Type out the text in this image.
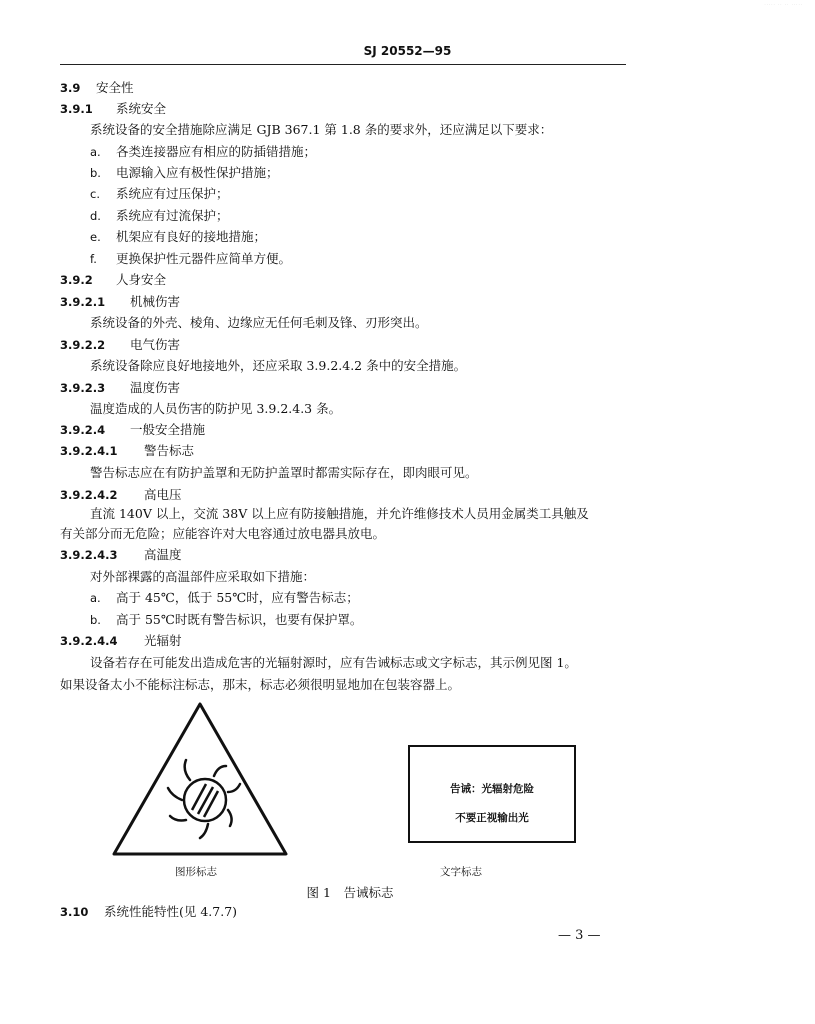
····· ·· ·· ·····
SJ 20552—95
3.9 安全性
3.9.1 系统安全
系统设备的安全措施除应满足 GJB 367.1 第 1.8 条的要求外，还应满足以下要求：
a. 各类连接器应有相应的防插错措施；
b. 电源输入应有极性保护措施；
c. 系统应有过压保护；
d. 系统应有过流保护；
e. 机架应有良好的接地措施；
f. 更换保护性元器件应简单方便。
3.9.2 人身安全
3.9.2.1 机械伤害
系统设备的外壳、棱角、边缘应无任何毛刺及锋、刃形突出。
3.9.2.2 电气伤害
系统设备除应良好地接地外，还应采取 3.9.2.4.2 条中的安全措施。
3.9.2.3 温度伤害
温度造成的人员伤害的防护见 3.9.2.4.3 条。
3.9.2.4 一般安全措施
3.9.2.4.1 警告标志
警告标志应在有防护盖罩和无防护盖罩时都需实际存在，即肉眼可见。
3.9.2.4.2 高电压
直流 140V 以上，交流 38V 以上应有防接触措施，并允许维修技术人员用金属类工具触及
有关部分而无危险；应能容许对大电容通过放电器具放电。
3.9.2.4.3 高温度
对外部裸露的高温部件应采取如下措施：
a. 高于 45℃，低于 55℃时，应有警告标志；
b. 高于 55℃时既有警告标识，也要有保护罩。
3.9.2.4.4 光辐射
设备若存在可能发出造成危害的光辐射源时，应有告诫标志或文字标志，其示例见图 1。
如果设备太小不能标注标志，那末，标志必须很明显地加在包装容器上。
图形标志
告诫：光辐射危险
不要正视输出光
文字标志
图 1　告诫标志
3.10 系统性能特性(见 4.7.7)
— 3 —
